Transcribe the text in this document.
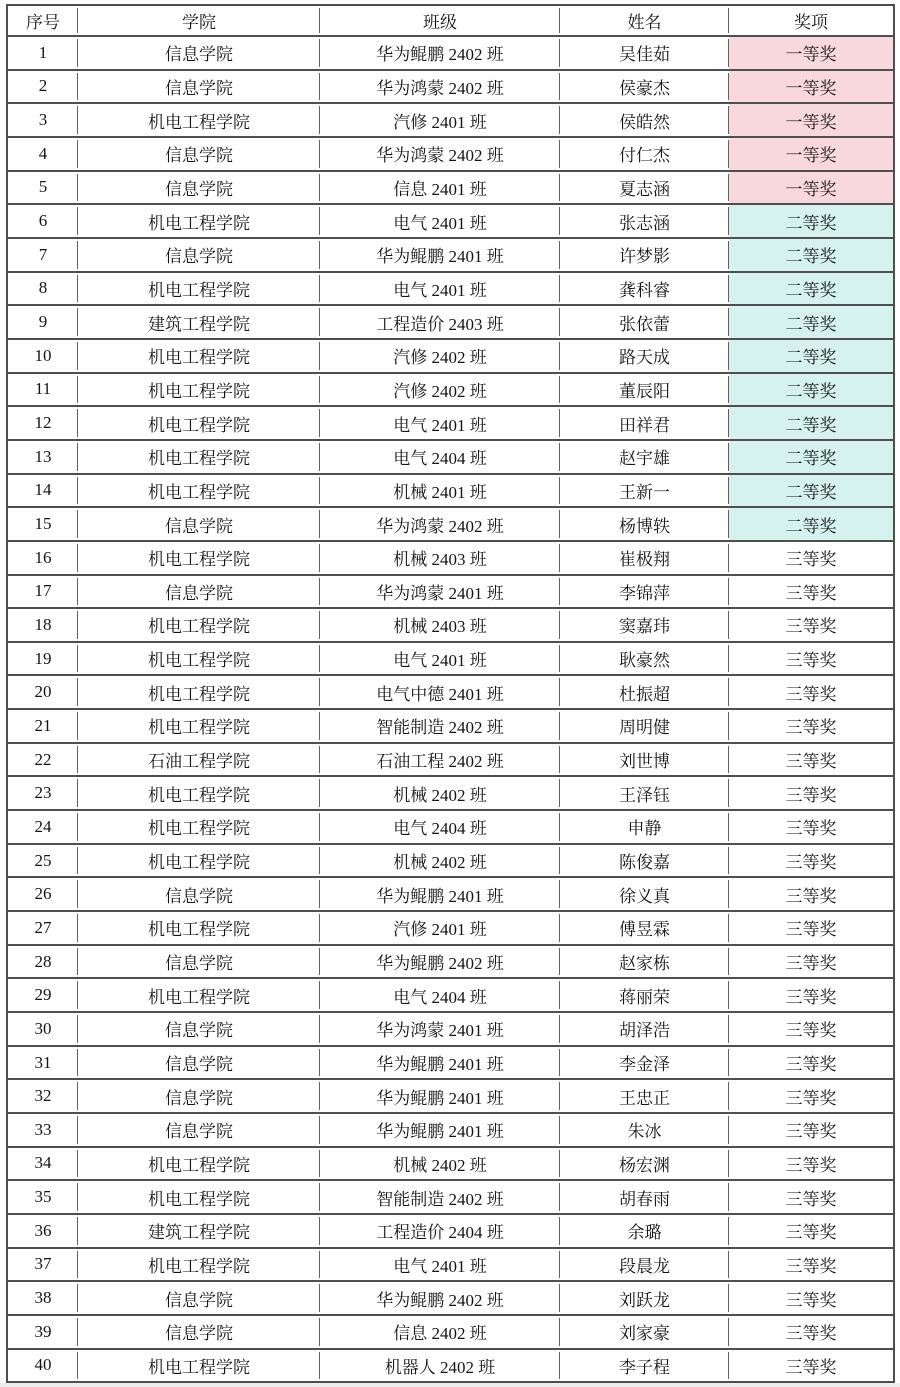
序号	学院	班级	姓名	奖项
1	信息学院	华为鲲鹏 2402 班	吴佳茹	一等奖
2	信息学院	华为鸿蒙 2402 班	侯豪杰	一等奖
3	机电工程学院	汽修 2401 班	侯皓然	一等奖
4	信息学院	华为鸿蒙 2402 班	付仁杰	一等奖
5	信息学院	信息 2401 班	夏志涵	一等奖
6	机电工程学院	电气 2401 班	张志涵	二等奖
7	信息学院	华为鲲鹏 2401 班	许梦影	二等奖
8	机电工程学院	电气 2401 班	龚科睿	二等奖
9	建筑工程学院	工程造价 2403 班	张依蕾	二等奖
10	机电工程学院	汽修 2402 班	路天成	二等奖
11	机电工程学院	汽修 2402 班	董辰阳	二等奖
12	机电工程学院	电气 2401 班	田祥君	二等奖
13	机电工程学院	电气 2404 班	赵宇雄	二等奖
14	机电工程学院	机械 2401 班	王新一	二等奖
15	信息学院	华为鸿蒙 2402 班	杨博轶	二等奖
16	机电工程学院	机械 2403 班	崔极翔	三等奖
17	信息学院	华为鸿蒙 2401 班	李锦萍	三等奖
18	机电工程学院	机械 2403 班	窦嘉玮	三等奖
19	机电工程学院	电气 2401 班	耿豪然	三等奖
20	机电工程学院	电气中德 2401 班	杜振超	三等奖
21	机电工程学院	智能制造 2402 班	周明健	三等奖
22	石油工程学院	石油工程 2402 班	刘世博	三等奖
23	机电工程学院	机械 2402 班	王泽钰	三等奖
24	机电工程学院	电气 2404 班	申静	三等奖
25	机电工程学院	机械 2402 班	陈俊嘉	三等奖
26	信息学院	华为鲲鹏 2401 班	徐义真	三等奖
27	机电工程学院	汽修 2401 班	傅昱霖	三等奖
28	信息学院	华为鲲鹏 2402 班	赵家栋	三等奖
29	机电工程学院	电气 2404 班	蒋丽荣	三等奖
30	信息学院	华为鸿蒙 2401 班	胡泽浩	三等奖
31	信息学院	华为鲲鹏 2401 班	李金泽	三等奖
32	信息学院	华为鲲鹏 2401 班	王忠正	三等奖
33	信息学院	华为鲲鹏 2401 班	朱冰	三等奖
34	机电工程学院	机械 2402 班	杨宏渊	三等奖
35	机电工程学院	智能制造 2402 班	胡春雨	三等奖
36	建筑工程学院	工程造价 2404 班	余璐	三等奖
37	机电工程学院	电气 2401 班	段晨龙	三等奖
38	信息学院	华为鲲鹏 2402 班	刘跃龙	三等奖
39	信息学院	信息 2402 班	刘家豪	三等奖
40	机电工程学院	机器人 2402 班	李子程	三等奖
